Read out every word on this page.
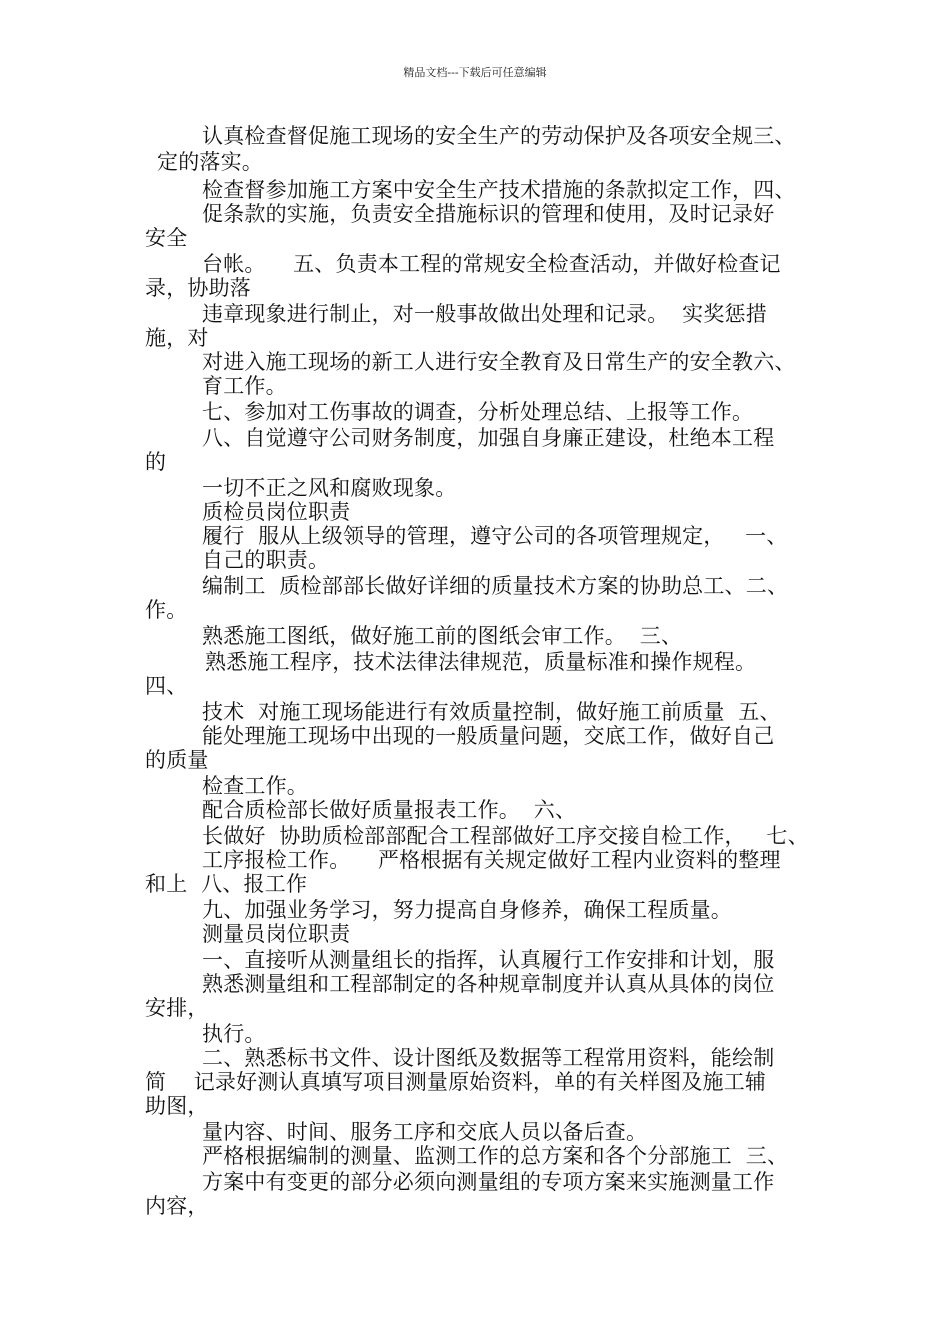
精品文档---下载后可任意编辑
认真检查督促施工现场的安全生产的劳动保护及各项安全规三、
定的落实。
检查督参加施工方案中安全生产技术措施的条款拟定工作，四、
促条款的实施，负责安全措施标识的管理和使用，及时记录好
安全
台帐。    五、负责本工程的常规安全检查活动，并做好检查记
录，协助落
违章现象进行制止，对一般事故做出处理和记录。  实奖惩措
施，对
对进入施工现场的新工人进行安全教育及日常生产的安全教六、
育工作。
七、参加对工伤事故的调查，分析处理总结、上报等工作。
八、自觉遵守公司财务制度，加强自身廉正建设，杜绝本工程
的
一切不正之风和腐败现象。
质检员岗位职责
履行  服从上级领导的管理，遵守公司的各项管理规定，   一、
自己的职责。
编制工  质检部部长做好详细的质量技术方案的协助总工、二、
作。
熟悉施工图纸，做好施工前的图纸会审工作。  三、
熟悉施工程序，技术法律法律规范，质量标准和操作规程。
四、
技术  对施工现场能进行有效质量控制，做好施工前质量  五、
能处理施工现场中出现的一般质量问题，交底工作，做好自己
的质量
检查工作。
配合质检部长做好质量报表工作。  六、
长做好  协助质检部部配合工程部做好工序交接自检工作，   七、
工序报检工作。    严格根据有关规定做好工程内业资料的整理
和上  八、报工作
九、加强业务学习，努力提高自身修养，确保工程质量。
测量员岗位职责
一、直接听从测量组长的指挥，认真履行工作安排和计划，服
熟悉测量组和工程部制定的各种规章制度并认真从具体的岗位
安排，
执行。
二、熟悉标书文件、设计图纸及数据等工程常用资料，能绘制
简    记录好测认真填写项目测量原始资料，单的有关样图及施工辅
助图，
量内容、时间、服务工序和交底人员以备后查。
严格根据编制的测量、监测工作的总方案和各个分部施工  三、
方案中有变更的部分必须向测量组的专项方案来实施测量工作
内容，
